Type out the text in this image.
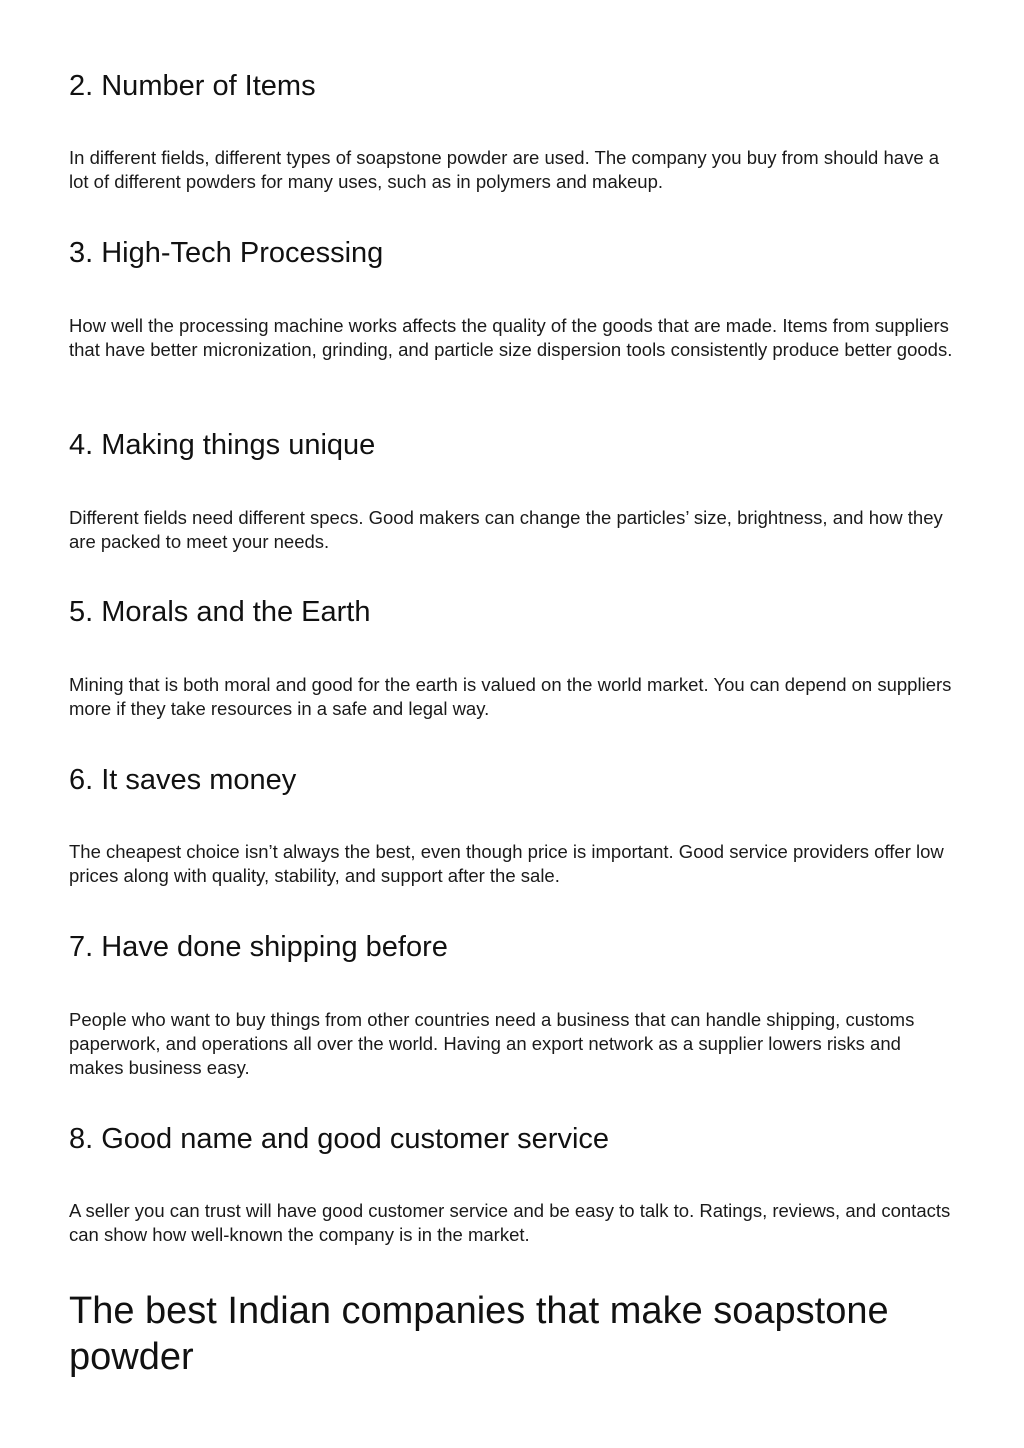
2. Number of Items

In different fields, different types of soapstone powder are used. The company you buy from should have a lot of different powders for many uses, such as in polymers and makeup.

3. High-Tech Processing

How well the processing machine works affects the quality of the goods that are made. Items from suppliers that have better micronization, grinding, and particle size dispersion tools consistently produce better goods.

4. Making things unique

Different fields need different specs. Good makers can change the particles’ size, brightness, and how they are packed to meet your needs.

5. Morals and the Earth

Mining that is both moral and good for the earth is valued on the world market. You can depend on suppliers more if they take resources in a safe and legal way.

6. It saves money

The cheapest choice isn’t always the best, even though price is important. Good service providers offer low prices along with quality, stability, and support after the sale.

7. Have done shipping before

People who want to buy things from other countries need a business that can handle shipping, customs paperwork, and operations all over the world. Having an export network as a supplier lowers risks and makes business easy.

8. Good name and good customer service

A seller you can trust will have good customer service and be easy to talk to. Ratings, reviews, and contacts can show how well-known the company is in the market.

The best Indian companies that make soapstone powder
